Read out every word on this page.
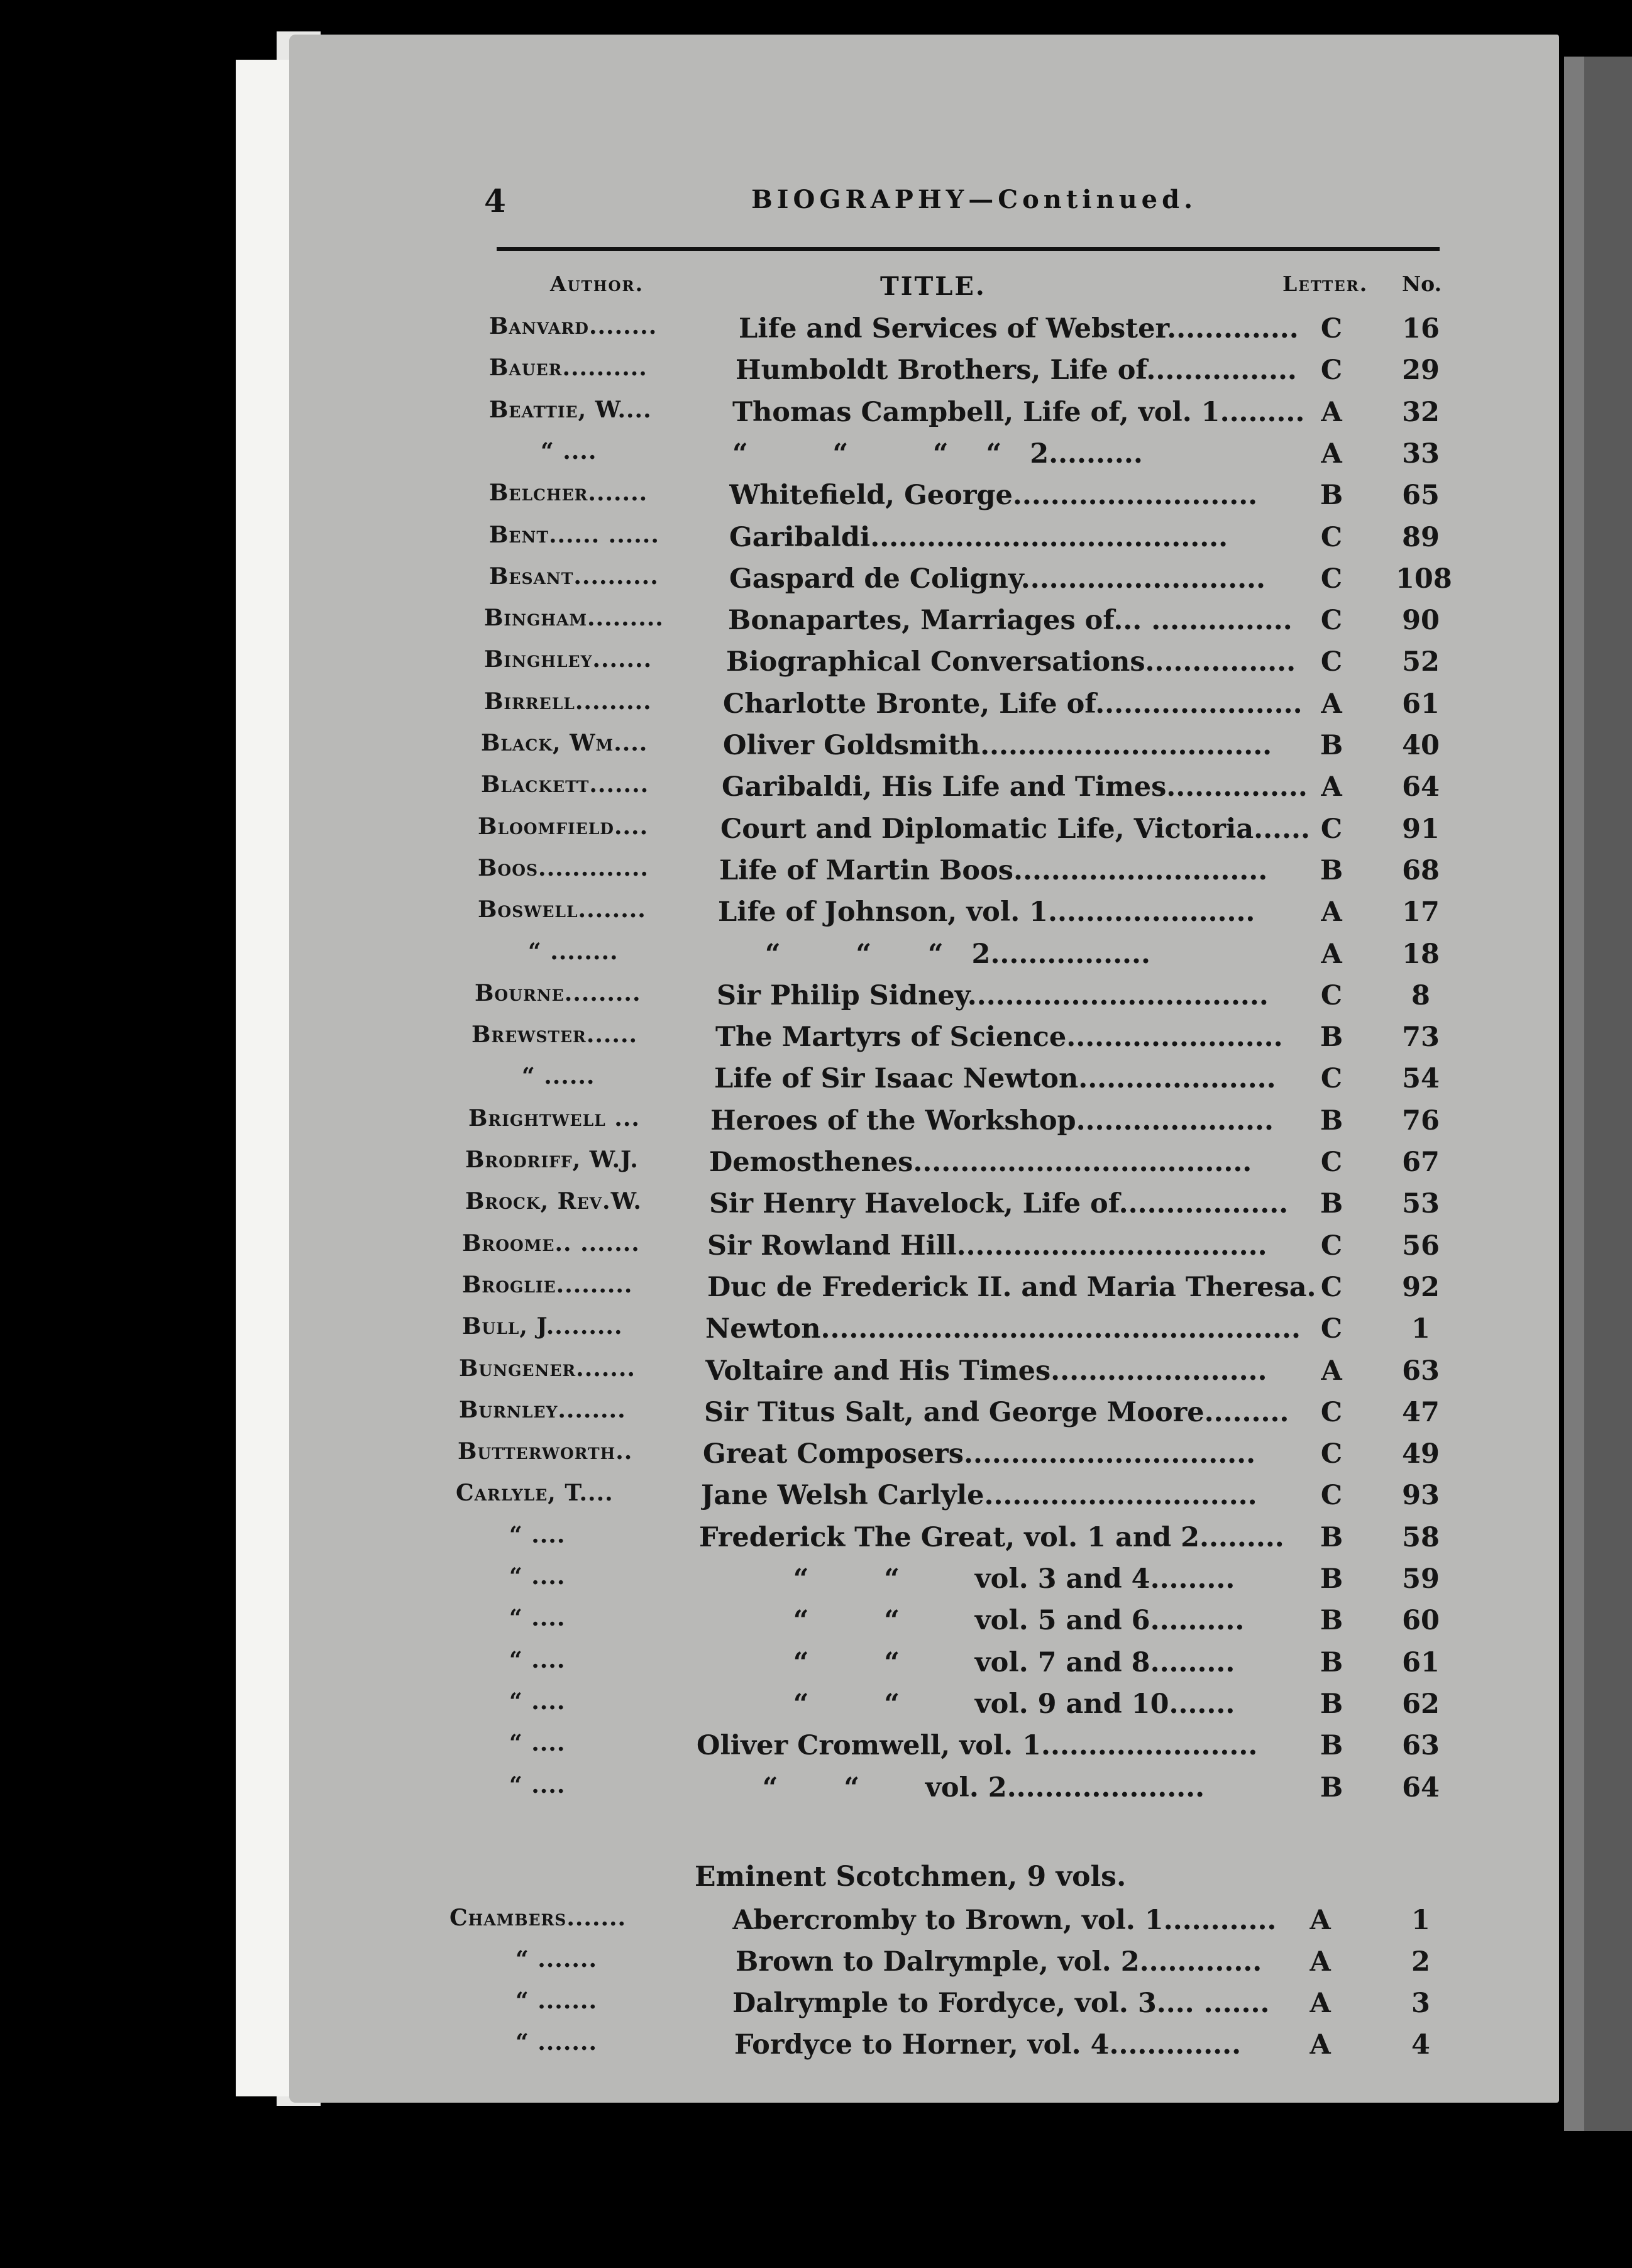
4	BIOGRAPHY—Continued.
Author.	TITLE.	Letter. No.
Banvard........	Life and Services of Webster.............. C 16
Bauer..........	Humboldt Brothers, Life of................ C 29
Beattie, W....	Thomas Campbell, Life of, vol. 1......... A 32
“ ....	“         “         “    “   2..........	A 33
Belcher.......	Whitefield, George..........................	B 65
Bent...... ......	Garibaldi......................................	C 89
Besant..........	Gaspard de Coligny..........................	C 108
Bingham.........	Bonapartes, Marriages of... ...............	C 90
Binghley.......	Biographical Conversations................ C 52
Birrell.........	Charlotte Bronte, Life of...................... A 61
Black, Wm....	Oliver Goldsmith...............................	B 40
Blackett.......	Garibaldi, His Life and Times............... A 64
Bloomfield....	Court and Diplomatic Life, Victoria...... C 91
Boos.............	Life of Martin Boos...........................	B 68
Boswell........	Life of Johnson, vol. 1......................	A 17
“ ........	“        “      “   2.................	A 18
Bourne.........	Sir Philip Sidney................................	C	8
Brewster......	The Martyrs of Science.......................	B 73
“ ......	Life of Sir Isaac Newton.....................	C 54
Brightwell ...	Heroes of the Workshop.....................	B 76
Brodriff, W.J.	Demosthenes....................................	C 67
Brock, Rev.W.	Sir Henry Havelock, Life of..................	B 53
Broome.. .......	Sir Rowland Hill.................................	C 56
Broglie.........	Duc de Frederick II. and Maria Theresa. C 92
Bull, J.........	Newton................................................... C	1
Bungener.......	Voltaire and His Times.......................	A 63
Burnley........	Sir Titus Salt, and George Moore.........	C 47
Butterworth..	Great Composers...............................	C 49
Carlyle, T....	Jane Welsh Carlyle.............................	C 93
“ ....	Frederick The Great, vol. 1 and 2.........	B 58
“ ....	“        “        vol. 3 and 4.........	B 59
“ ....	“        “        vol. 5 and 6..........	B 60
“ ....	“        “        vol. 7 and 8.........	B 61
“ ....	“        “        vol. 9 and 10.......	B 62
“ ....	Oliver Cromwell, vol. 1.......................	B 63
“ ....	“       “       vol. 2.....................	B 64
Eminent Scotchmen, 9 vols.
Chambers.......	Abercromby to Brown, vol. 1............	A	1
“ .......	Brown to Dalrymple, vol. 2.............	A	2
“ .......	Dalrymple to Fordyce, vol. 3.... .......	A	3
“ .......	Fordyce to Horner, vol. 4..............	A	4
